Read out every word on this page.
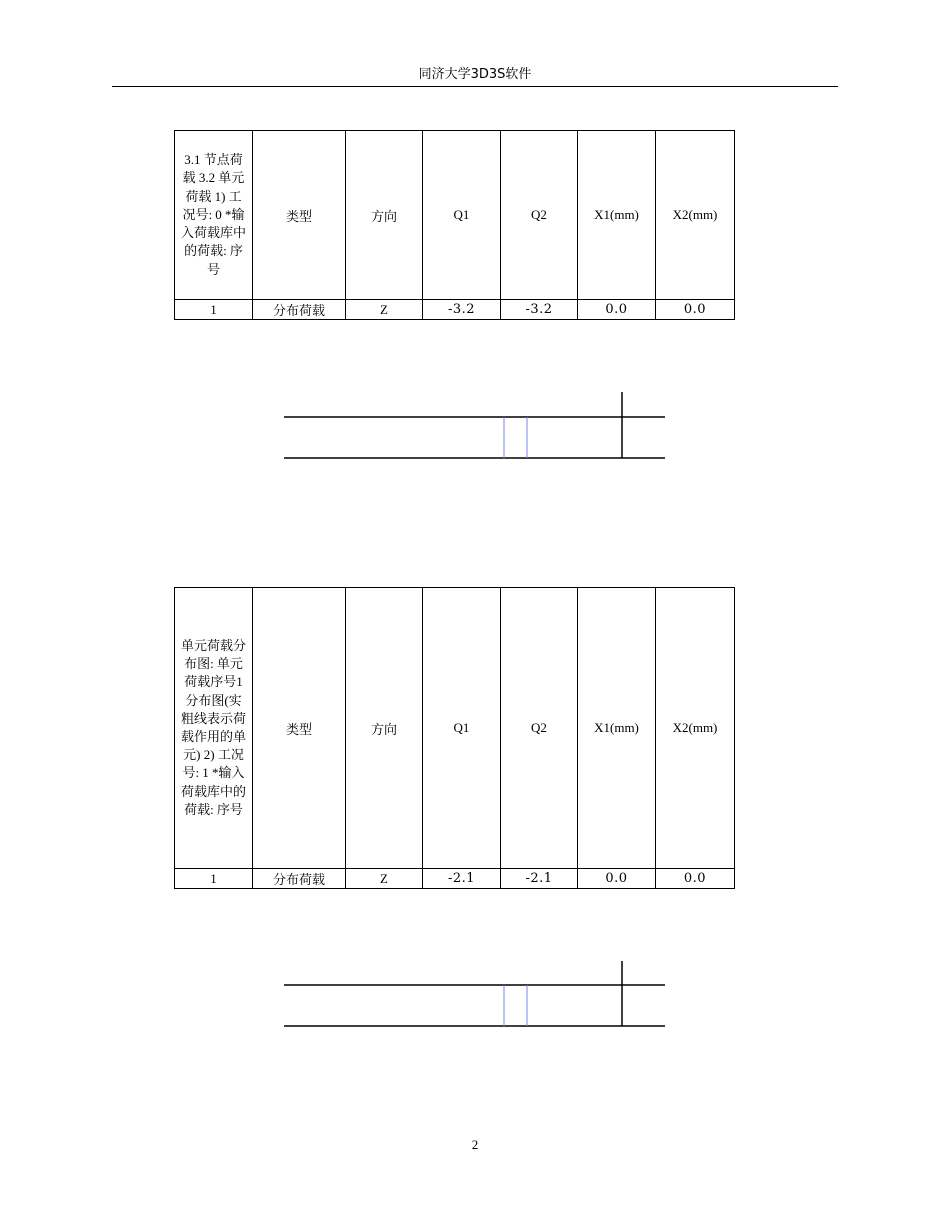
同济大学3D3S软件
3.1 节点荷载 3.2 单元荷载 1) 工况号: 0 *输入荷载库中的荷载: 序号	类型	方向	Q1	Q2	X1(mm)	X2(mm)
1	分布荷载	Z	-3.2	-3.2	0.0	0.0
单元荷载分布图: 单元荷载序号1分布图(实粗线表示荷载作用的单元) 2) 工况号: 1 *输入荷载库中的荷载: 序号	类型	方向	Q1	Q2	X1(mm)	X2(mm)
1	分布荷载	Z	-2.1	-2.1	0.0	0.0
2
